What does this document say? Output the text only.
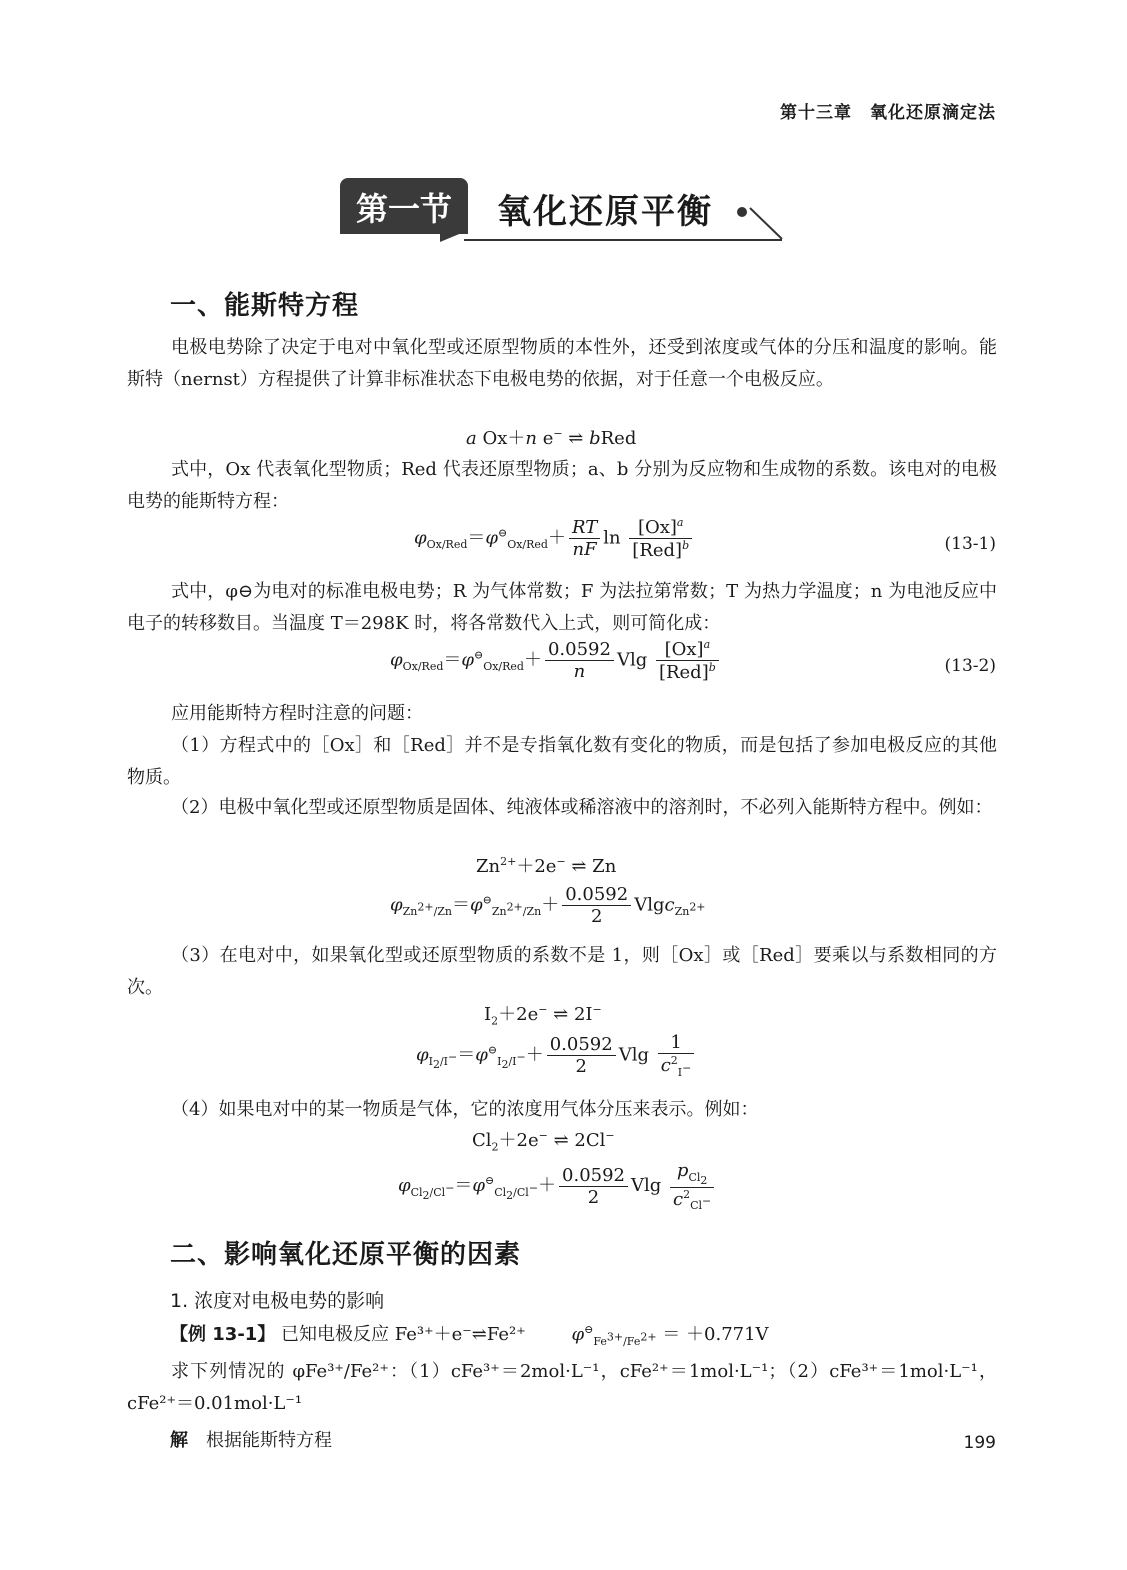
第十三章　氧化还原滴定法
第一节	氧化还原平衡
一、能斯特方程

电极电势除了决定于电对中氧化型或还原型物质的本性外，还受到浓度或气体的分压和温度的影响。能斯特（nernst）方程提供了计算非标准状态下电极电势的依据，对于任意一个电极反应。

a Ox＋n e− ⇌ bRed

式中，Ox 代表氧化型物质；Red 代表还原型物质；a、b 分别为反应物和生成物的系数。该电对的电极电势的能斯特方程：

$\varphi_{Ox/Red}=\varphi^⊖_{Ox/Red}+ \frac{RT}{nF}$ $\ln \frac{[Ox]^a}{[Red]^b}$	(13-1)

式中，φ⊖为电对的标准电极电势；R 为气体常数；F 为法拉第常数；T 为热力学温度；n 为电池反应中电子的转移数目。当温度 T＝298K 时，将各常数代入上式，则可简化成：

$\varphi_{Ox/Red}=\varphi^⊖_{Ox/Red}+ \frac{0.0592}{n}$ Vlg $\frac{[Ox]^a}{[Red]^b}$	(13-2)

应用能斯特方程时注意的问题：

（1）方程式中的［Ox］和［Red］并不是专指氧化数有变化的物质，而是包括了参加电极反应的其他物质。

（2）电极中氧化型或还原型物质是固体、纯液体或稀溶液中的溶剂时，不必列入能斯特方程中。例如：

$Zn^{2+}+2e^-$ ⇌ Zn
$\varphi_{Zn^{2+}/Zn}=\varphi^⊖_{Zn^{2+}/Zn}+ \frac{0.0592}{2} Vlgc_{Zn^{2+}}$

（3）在电对中，如果氧化型或还原型物质的系数不是 1，则［Ox］或［Red］要乘以与系数相同的方次。

$I_2+2e^-$ ⇌ 2I−
$\varphi_{I_2/I^-}=\varphi^⊖_{I_2/I^-}+ \frac{0.0592}{2}$ Vlg $\frac{1}{c^2_{I^-}}$

（4）如果电对中的某一物质是气体，它的浓度用气体分压来表示。例如：

$Cl_2+2e^-$ ⇌ 2Cl−
$\varphi_{Cl_2/Cl^-}=\varphi^⊖_{Cl_2/Cl^-}+ \frac{0.0592}{2}$ Vlg $\frac{p_{Cl_2}}{c^2_{Cl^-}}$
二、影响氧化还原平衡的因素
1. 浓度对电极电势的影响
【例 13-1】 已知电极反应 Fe³⁺＋e⁻⇌Fe²⁺	$\varphi^⊖_{Fe^{3+}/Fe^{2+}} = +0.771V$

求下列情况的 φFe³⁺/Fe²⁺：（1）cFe³⁺＝2mol·L⁻¹，cFe²⁺＝1mol·L⁻¹；（2）cFe³⁺＝1mol·L⁻¹，cFe²⁺＝0.01mol·L⁻¹

解 根据能斯特方程	199
